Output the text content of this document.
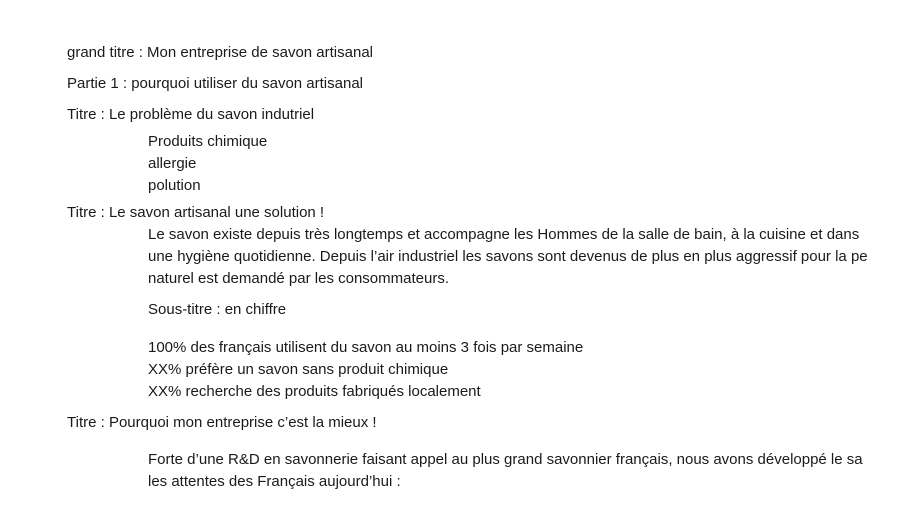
grand titre : Mon entreprise de savon artisanal

Partie 1 : pourquoi utiliser du savon artisanal

Titre : Le problème du savon indutriel

Produits chimique

allergie

polution

Titre : Le savon artisanal une solution !

Le savon existe depuis très longtemps et accompagne les Hommes de la salle de bain, à la cuisine et dans

une hygiène quotidienne. Depuis l’air industriel les savons sont devenus de plus en plus aggressif pour la pe

naturel est demandé par les consommateurs.

Sous-titre : en chiffre

100% des français utilisent du savon au moins 3 fois par semaine

XX% préfère un savon sans produit chimique

XX% recherche des produits fabriqués localement

Titre : Pourquoi mon entreprise c’est la mieux !

Forte d’une R&D en savonnerie faisant appel au plus grand savonnier français, nous avons développé le sa

les attentes des Français aujourd’hui :
